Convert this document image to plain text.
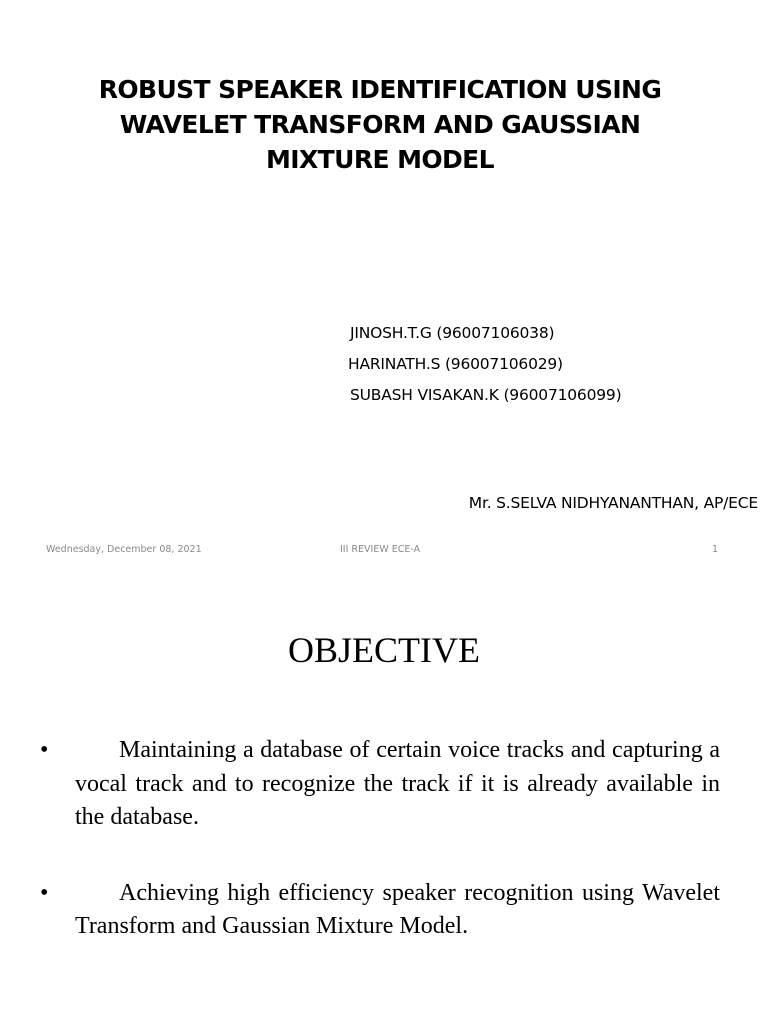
ROBUST SPEAKER IDENTIFICATION USING
WAVELET TRANSFORM AND GAUSSIAN
MIXTURE MODEL
JINOSH.T.G (96007106038)
HARINATH.S (96007106029)
SUBASH VISAKAN.K (96007106099)
Mr. S.SELVA NIDHYANANTHAN, AP/ECE
Wednesday, December 08, 2021	III REVIEW ECE-A	1
OBJECTIVE
•	Maintaining a database of certain voice tracks and capturing a vocal track and to recognize the track if it is already available in the database.
•	Achieving high efficiency speaker recognition using Wavelet Transform and Gaussian Mixture Model.
